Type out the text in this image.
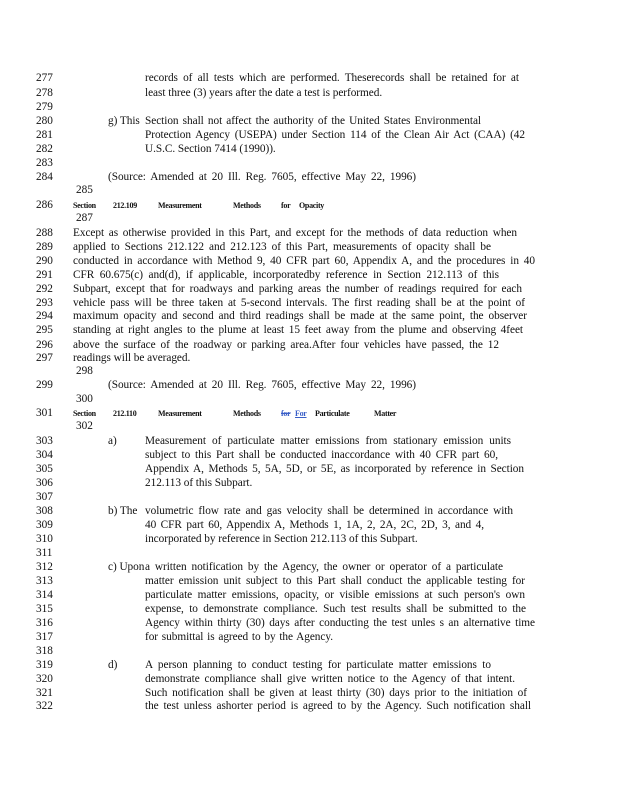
277	records of all tests which are performed. Theserecords shall be retained for at
278	least three (3) years after the date a test is performed.
279
280	g) This Section shall not affect the authority of the United States Environmental
281	Protection Agency (USEPA) under Section 114 of the Clean Air Act (CAA) (42
282	U.S.C. Section 7414 (1990)).
283
284	(Source: Amended at 20 Ill. Reg. 7605, effective May 22, 1996)
285
286	Section 212.109	Measurement	Methods	for Opacity
287
288 Except as otherwise provided in this Part, and except for the methods of data reduction when
289 applied to Sections 212.122 and 212.123 of this Part, measurements of opacity shall be
290 conducted in accordance with Method 9, 40 CFR part 60, Appendix A, and the procedures in 40
291 CFR 60.675(c) and(d), if applicable, incorporatedby reference in Section 212.113 of this
292 Subpart, except that for roadways and parking areas the number of readings required for each
293 vehicle pass will be three taken at 5-second intervals. The first reading shall be at the point of
294 maximum opacity and second and third readings shall be made at the same point, the observer
295 standing at right angles to the plume at least 15 feet away from the plume and observing 4feet
296 above the surface of the roadway or parking area.After four vehicles have passed, the 12
297 readings will be averaged.
298
299	(Source: Amended at 20 Ill. Reg. 7605, effective May 22, 1996)
300
301	Section 212.110	Measurement	Methods	for For Particulate	Matter
302
303	a)	Measurement of particulate matter emissions from stationary emission units
304	subject to this Part shall be conducted inaccordance with 40 CFR part 60,
305	Appendix A, Methods 5, 5A, 5D, or 5E, as incorporated by reference in Section
306	212.113 of this Subpart.
307
308	b) The volumetric flow rate and gas velocity shall be determined in accordance with
309	40 CFR part 60, Appendix A, Methods 1, 1A, 2, 2A, 2C, 2D, 3, and 4,
310	incorporated by reference in Section 212.113 of this Subpart.
311
312	c) Upon a written notification by the Agency, the owner or operator of a particulate
313	matter emission unit subject to this Part shall conduct the applicable testing for
314	particulate matter emissions, opacity, or visible emissions at such person's own
315	expense, to demonstrate compliance. Such test results shall be submitted to the
316	Agency within thirty (30) days after conducting the test unles s an alternative time
317	for submittal is agreed to by the Agency.
318
319	d) A person planning to conduct testing for particulate matter emissions to
320	demonstrate compliance shall give written notice to the Agency of that intent.
321	Such notification shall be given at least thirty (30) days prior to the initiation of
322	the test unless ashorter period is agreed to by the Agency. Such notification shall
